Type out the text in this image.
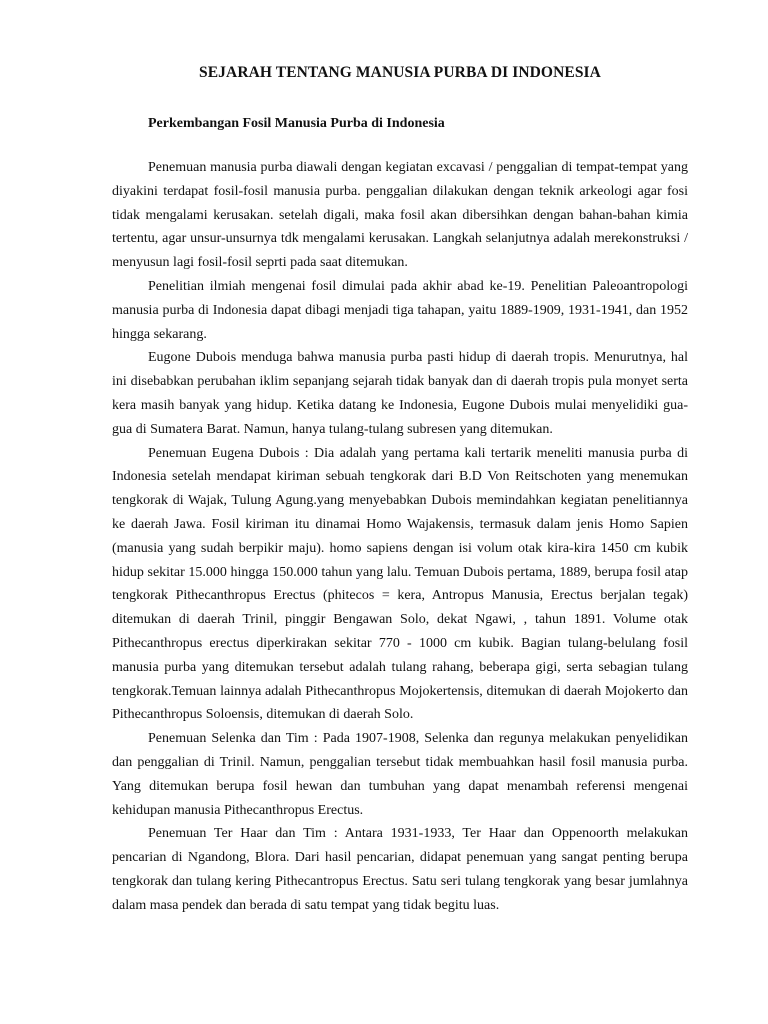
SEJARAH TENTANG MANUSIA PURBA DI INDONESIA
Perkembangan Fosil Manusia Purba di Indonesia

Penemuan manusia purba diawali dengan kegiatan excavasi / penggalian di tempat-tempat yang diyakini terdapat fosil-fosil manusia purba. penggalian dilakukan dengan teknik arkeologi agar fosi tidak mengalami kerusakan. setelah digali, maka fosil akan dibersihkan dengan bahan-bahan kimia tertentu, agar unsur-unsurnya tdk mengalami kerusakan. Langkah selanjutnya adalah merekonstruksi / menyusun lagi fosil-fosil seprti pada saat ditemukan.

Penelitian ilmiah mengenai fosil dimulai pada akhir abad ke-19. Penelitian Paleoantropologi manusia purba di Indonesia dapat dibagi menjadi tiga tahapan, yaitu 1889-1909, 1931-1941, dan 1952 hingga sekarang.

Eugone Dubois menduga bahwa manusia purba pasti hidup di daerah tropis. Menurutnya, hal ini disebabkan perubahan iklim sepanjang sejarah tidak banyak dan di daerah tropis pula monyet serta kera masih banyak yang hidup. Ketika datang ke Indonesia, Eugone Dubois mulai menyelidiki gua-gua di Sumatera Barat. Namun, hanya tulang-tulang subresen yang ditemukan.

Penemuan Eugena Dubois : Dia adalah yang pertama kali tertarik meneliti manusia purba di Indonesia setelah mendapat kiriman sebuah tengkorak dari B.D Von Reitschoten yang menemukan tengkorak di Wajak, Tulung Agung.yang menyebabkan Dubois memindahkan kegiatan penelitiannya ke daerah Jawa. Fosil kiriman itu dinamai Homo Wajakensis, termasuk dalam jenis Homo Sapien (manusia yang sudah berpikir maju). homo sapiens dengan isi volum otak kira-kira 1450 cm kubik hidup sekitar 15.000 hingga 150.000 tahun yang lalu. Temuan Dubois pertama, 1889, berupa fosil atap tengkorak Pithecanthropus Erectus (phitecos = kera, Antropus Manusia, Erectus berjalan tegak) ditemukan di daerah Trinil, pinggir Bengawan Solo, dekat Ngawi, , tahun 1891. Volume otak Pithecanthropus erectus diperkirakan sekitar 770 - 1000 cm kubik. Bagian tulang-belulang fosil manusia purba yang ditemukan tersebut adalah tulang rahang, beberapa gigi, serta sebagian tulang tengkorak.Temuan lainnya adalah Pithecanthropus Mojokertensis, ditemukan di daerah Mojokerto dan Pithecanthropus Soloensis, ditemukan di daerah Solo.

Penemuan Selenka dan Tim : Pada 1907-1908, Selenka dan regunya melakukan penyelidikan dan penggalian di Trinil. Namun, penggalian tersebut tidak membuahkan hasil fosil manusia purba. Yang ditemukan berupa fosil hewan dan tumbuhan yang dapat menambah referensi mengenai kehidupan manusia Pithecanthropus Erectus.

Penemuan Ter Haar dan Tim : Antara 1931-1933, Ter Haar dan Oppenoorth melakukan pencarian di Ngandong, Blora. Dari hasil pencarian, didapat penemuan yang sangat penting berupa tengkorak dan tulang kering Pithecantropus Erectus. Satu seri tulang tengkorak yang besar jumlahnya dalam masa pendek dan berada di satu tempat yang tidak begitu luas.
